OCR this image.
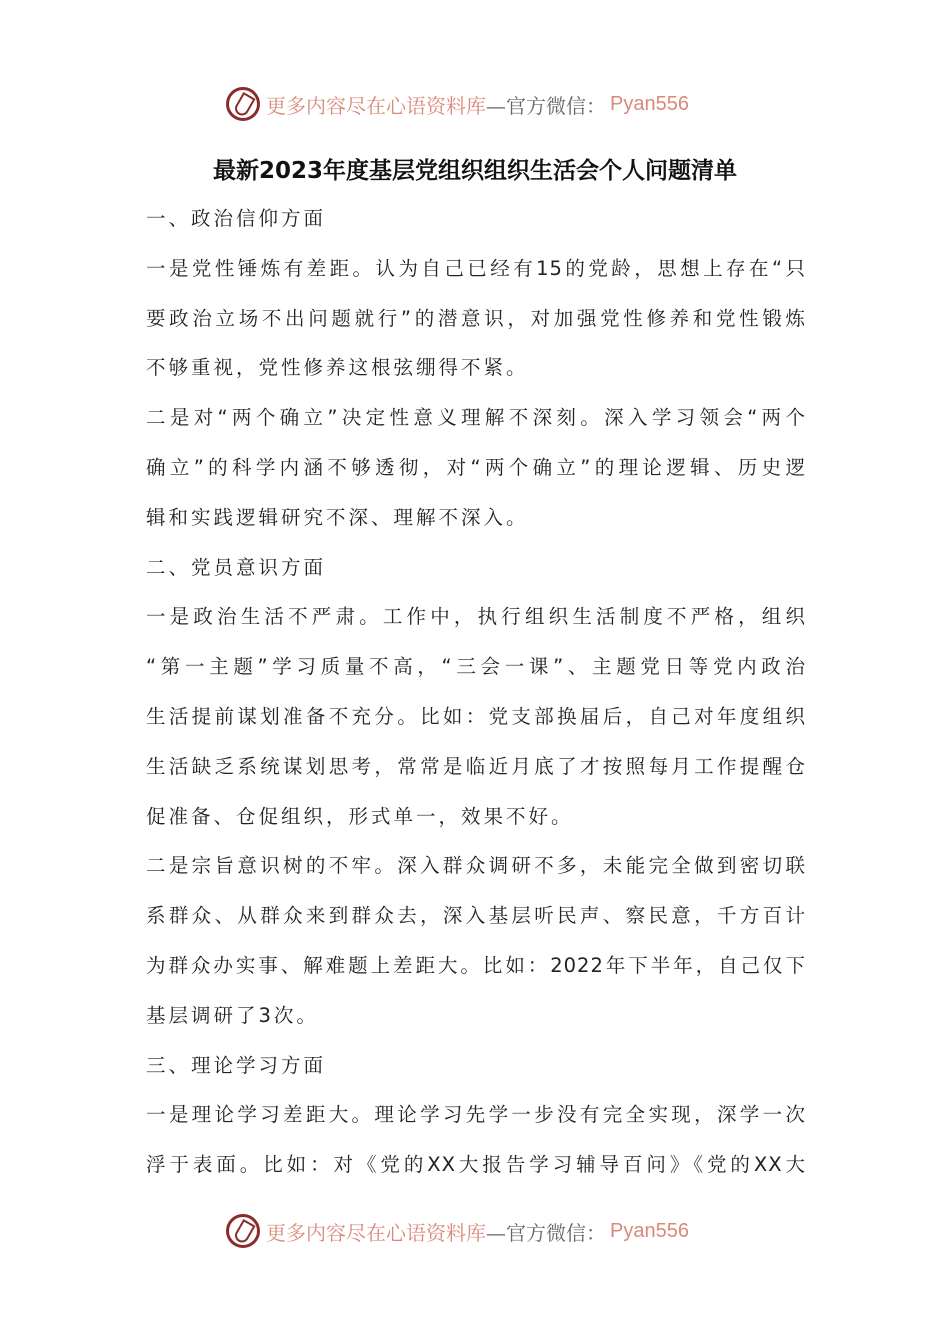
更多内容尽在心语资料库 —官方微信： Pyan556
最新2023年度基层党组织组织生活会个人问题清单
一、政治信仰方面
一是党性锤炼有差距。认为自己已经有15的党龄，思想上存在“只
要政治立场不出问题就行”的潜意识，对加强党性修养和党性锻炼
不够重视，党性修养这根弦绷得不紧。
二是对“两个确立”决定性意义理解不深刻。深入学习领会“两个
确立”的科学内涵不够透彻，对“两个确立”的理论逻辑、历史逻
辑和实践逻辑研究不深、理解不深入。
二、党员意识方面
一是政治生活不严肃。工作中，执行组织生活制度不严格，组织
“第一主题”学习质量不高，“三会一课”、主题党日等党内政治
生活提前谋划准备不充分。比如：党支部换届后，自己对年度组织
生活缺乏系统谋划思考，常常是临近月底了才按照每月工作提醒仓
促准备、仓促组织，形式单一，效果不好。
二是宗旨意识树的不牢。深入群众调研不多，未能完全做到密切联
系群众、从群众来到群众去，深入基层听民声、察民意，千方百计
为群众办实事、解难题上差距大。比如：2022年下半年，自己仅下
基层调研了3次。
三、理论学习方面
一是理论学习差距大。理论学习先学一步没有完全实现，深学一次
浮于表面。比如：对《党的XX大报告学习辅导百问》《党的XX大
更多内容尽在心语资料库 —官方微信： Pyan556
